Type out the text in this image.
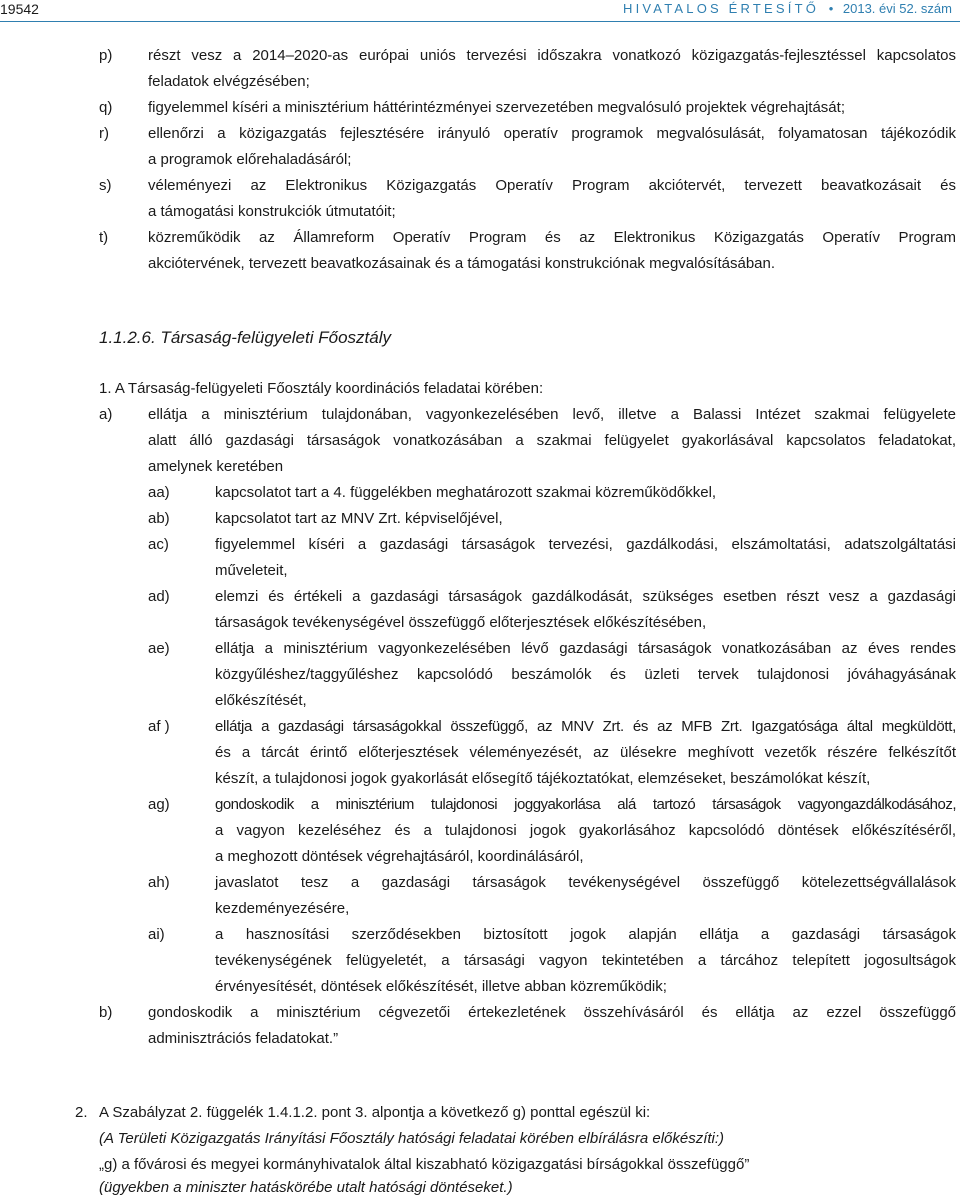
19542	HIVATALOS ÉRTESÍTŐ • 2013. évi 52. szám
p) részt vesz a 2014–2020-as európai uniós tervezési időszakra vonatkozó közigazgatás-fejlesztéssel kapcsolatos
feladatok elvégzésében;
q) figyelemmel kíséri a minisztérium háttérintézményei szervezetében megvalósuló projektek végrehajtását;
r)	ellenőrzi a közigazgatás fejlesztésére irányuló operatív programok megvalósulását, folyamatosan tájékozódik
a programok előrehaladásáról;
s) véleményezi az Elektronikus Közigazgatás Operatív Program akciótervét, tervezett beavatkozásait és
a támogatási konstrukciók útmutatóit;
t)	közreműködik az Államreform Operatív Program és az Elektronikus Közigazgatás Operatív Program
akciótervének, tervezett beavatkozásainak és a támogatási konstrukciónak megvalósításában.
1.1.2.6. Társaság-felügyeleti Főosztály
1. A Társaság-felügyeleti Főosztály koordinációs feladatai körében:
a) ellátja a minisztérium tulajdonában, vagyonkezelésében levő, illetve a Balassi Intézet szakmai felügyelete
alatt álló gazdasági társaságok vonatkozásában a szakmai felügyelet gyakorlásával kapcsolatos feladatokat,
amelynek keretében
aa)	kapcsolatot tart a 4. függelékben meghatározott szakmai közreműködőkkel,
ab)	kapcsolatot tart az MNV Zrt. képviselőjével,
ac)	figyelemmel kíséri a gazdasági társaságok tervezési, gazdálkodási, elszámoltatási, adatszolgáltatási
műveleteit,
ad)	elemzi és értékeli a gazdasági társaságok gazdálkodását, szükséges esetben részt vesz a gazdasági
társaságok tevékenységével összefüggő előterjesztések előkészítésében,
ae)	ellátja a minisztérium vagyonkezelésében lévő gazdasági társaságok vonatkozásában az éves rendes
közgyűléshez/taggyűléshez kapcsolódó beszámolók és üzleti tervek tulajdonosi jóváhagyásának
előkészítését,
af )	ellátja a gazdasági társaságokkal összefüggő, az MNV Zrt. és az MFB Zrt. Igazgatósága által megküldött,
és a tárcát érintő előterjesztések véleményezését, az ülésekre meghívott vezetők részére felkészítőt
készít, a tulajdonosi jogok gyakorlását elősegítő tájékoztatókat, elemzéseket, beszámolókat készít,
ag)	gondoskodik a minisztérium tulajdonosi joggyakorlása alá tartozó társaságok vagyongazdálkodásához,
a vagyon kezeléséhez és a tulajdonosi jogok gyakorlásához kapcsolódó döntések előkészítéséről,
a meghozott döntések végrehajtásáról, koordinálásáról,
ah)	javaslatot tesz a gazdasági társaságok tevékenységével összefüggő kötelezettségvállalások
kezdeményezésére,
ai)	a hasznosítási szerződésekben biztosított jogok alapján ellátja a gazdasági társaságok
tevékenységének felügyeletét, a társasági vagyon tekintetében a tárcához telepített jogosultságok
érvényesítését, döntések előkészítését, illetve abban közreműködik;
b) gondoskodik a minisztérium cégvezetői értekezletének összehívásáról és ellátja az ezzel összefüggő
adminisztrációs feladatokat.”
2. A Szabályzat 2. függelék 1.4.1.2. pont 3. alpontja a következő g) ponttal egészül ki:
(A Területi Közigazgatás Irányítási Főosztály hatósági feladatai körében elbírálásra előkészíti:)
„g) a fővárosi és megyei kormányhivatalok által kiszabható közigazgatási bírságokkal összefüggő”
(ügyekben a miniszter hatáskörébe utalt hatósági döntéseket.)
